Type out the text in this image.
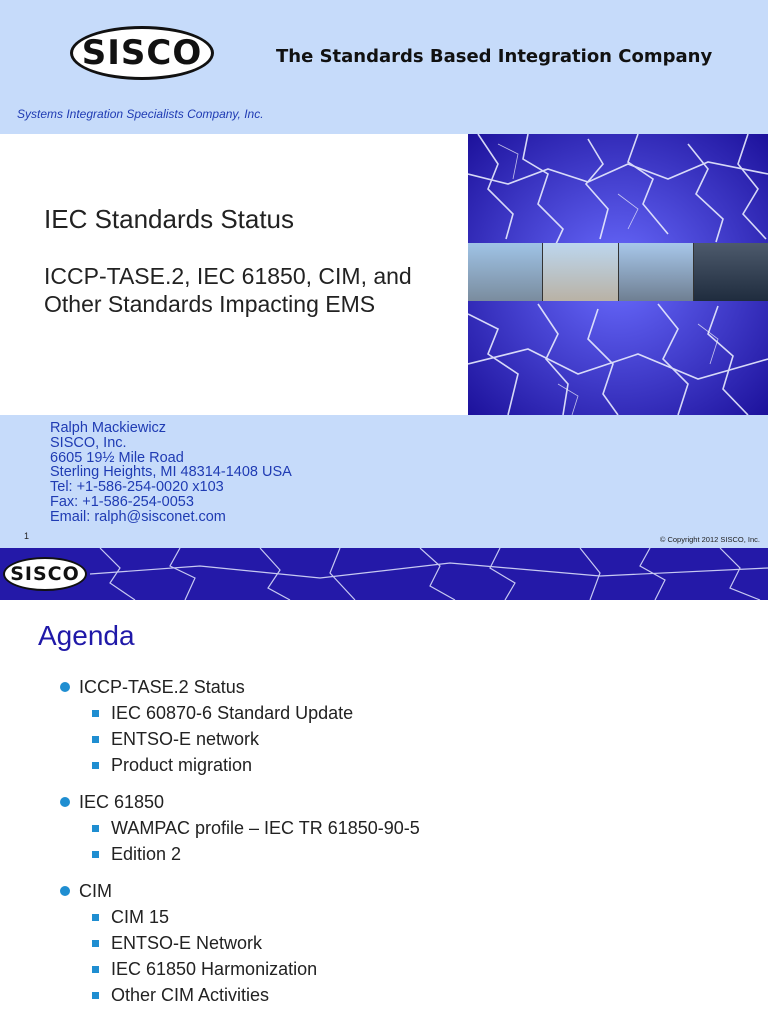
SISCO	The Standards Based Integration Company
Systems Integration Specialists Company, Inc.
IEC Standards Status
ICCP-TASE.2, IEC 61850, CIM, and Other Standards Impacting EMS
Ralph Mackiewicz
SISCO, Inc.
6605 19½ Mile Road
Sterling Heights, MI 48314-1408 USA
Tel: +1-586-254-0020 x103
Fax: +1-586-254-0053
Email: ralph@sisconet.com
1	© Copyright 2012 SISCO, Inc.
SISCO
Agenda
ICCP-TASE.2 Status
IEC 60870-6 Standard Update
ENTSO-E network
Product migration
IEC 61850
WAMPAC profile – IEC TR 61850-90-5
Edition 2
CIM
CIM 15
ENTSO-E Network
IEC 61850 Harmonization
Other CIM Activities
